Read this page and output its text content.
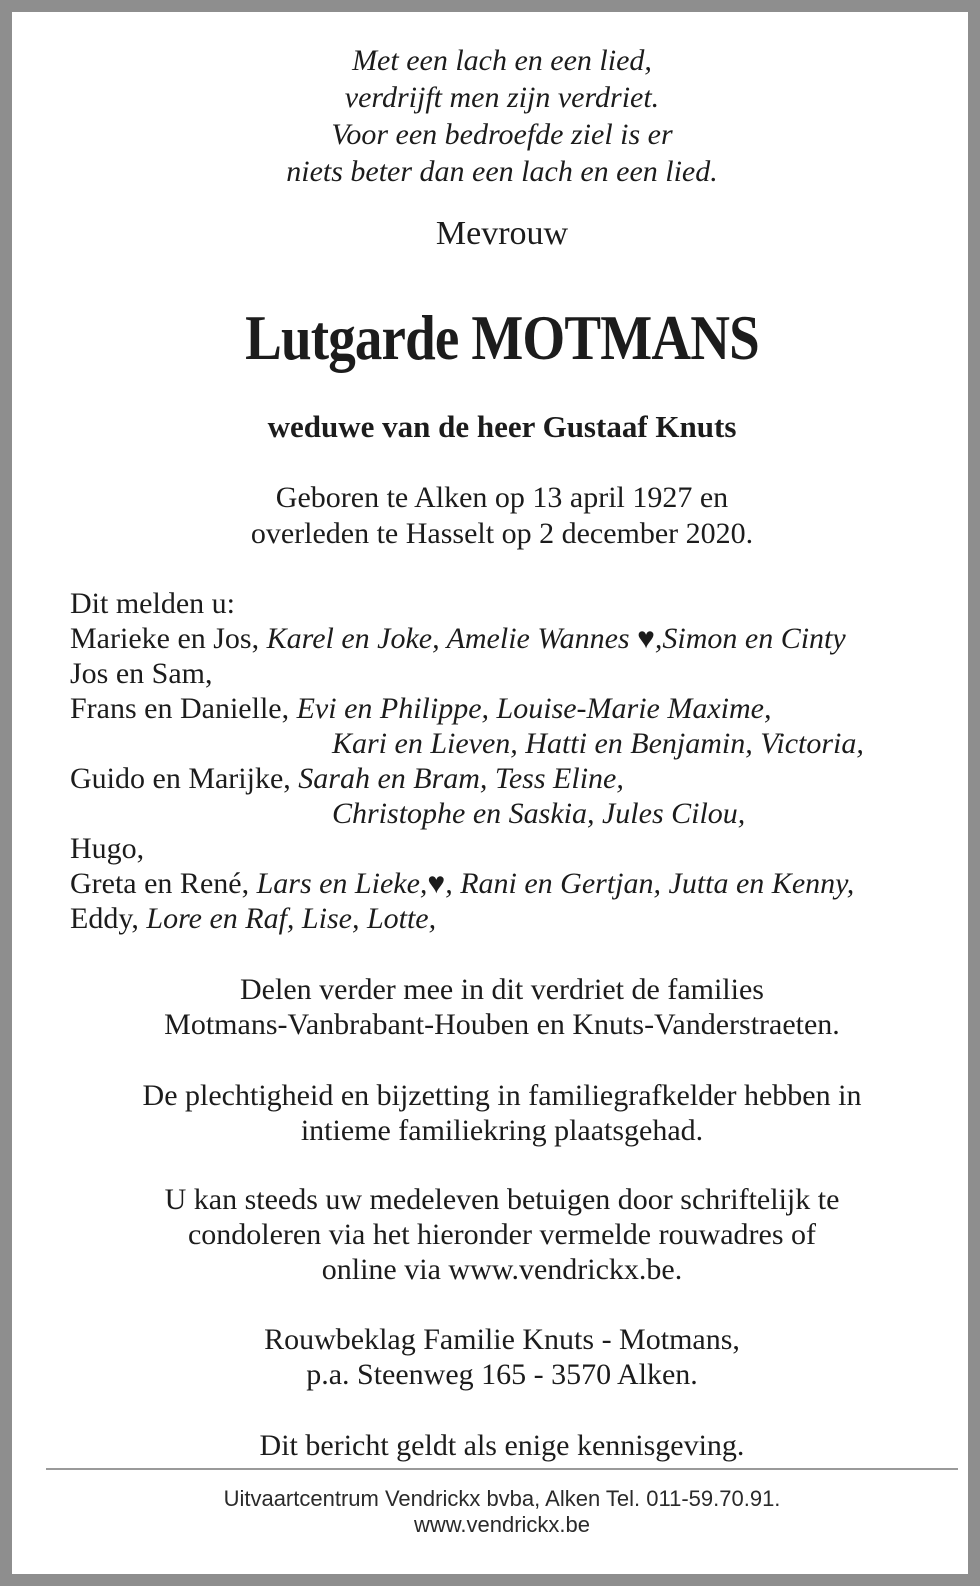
Met een lach en een lied,
verdrijft men zijn verdriet.
Voor een bedroefde ziel is er
niets beter dan een lach en een lied.
Mevrouw
Lutgarde MOTMANS
weduwe van de heer Gustaaf Knuts
Geboren te Alken op 13 april 1927 en
overleden te Hasselt op 2 december 2020.
Dit melden u:
Marieke en Jos, Karel en Joke, Amelie Wannes ♥,Simon en Cinty
Jos en Sam,
Frans en Danielle, Evi en Philippe, Louise-Marie Maxime,
Kari en Lieven, Hatti en Benjamin, Victoria,
Guido en Marijke, Sarah en Bram, Tess Eline,
Christophe en Saskia, Jules Cilou,
Hugo,
Greta en René, Lars en Lieke,♥, Rani en Gertjan, Jutta en Kenny,
Eddy, Lore en Raf, Lise, Lotte,
Delen verder mee in dit verdriet de families
Motmans-Vanbrabant-Houben en Knuts-Vanderstraeten.
De plechtigheid en bijzetting in familiegrafkelder hebben in
intieme familiekring plaatsgehad.
U kan steeds uw medeleven betuigen door schriftelijk te
condoleren via het hieronder vermelde rouwadres of
online via www.vendrickx.be.
Rouwbeklag Familie Knuts - Motmans,
p.a. Steenweg 165 - 3570 Alken.
Dit bericht geldt als enige kennisgeving.
Uitvaartcentrum Vendrickx bvba, Alken Tel. 011-59.70.91.
www.vendrickx.be
